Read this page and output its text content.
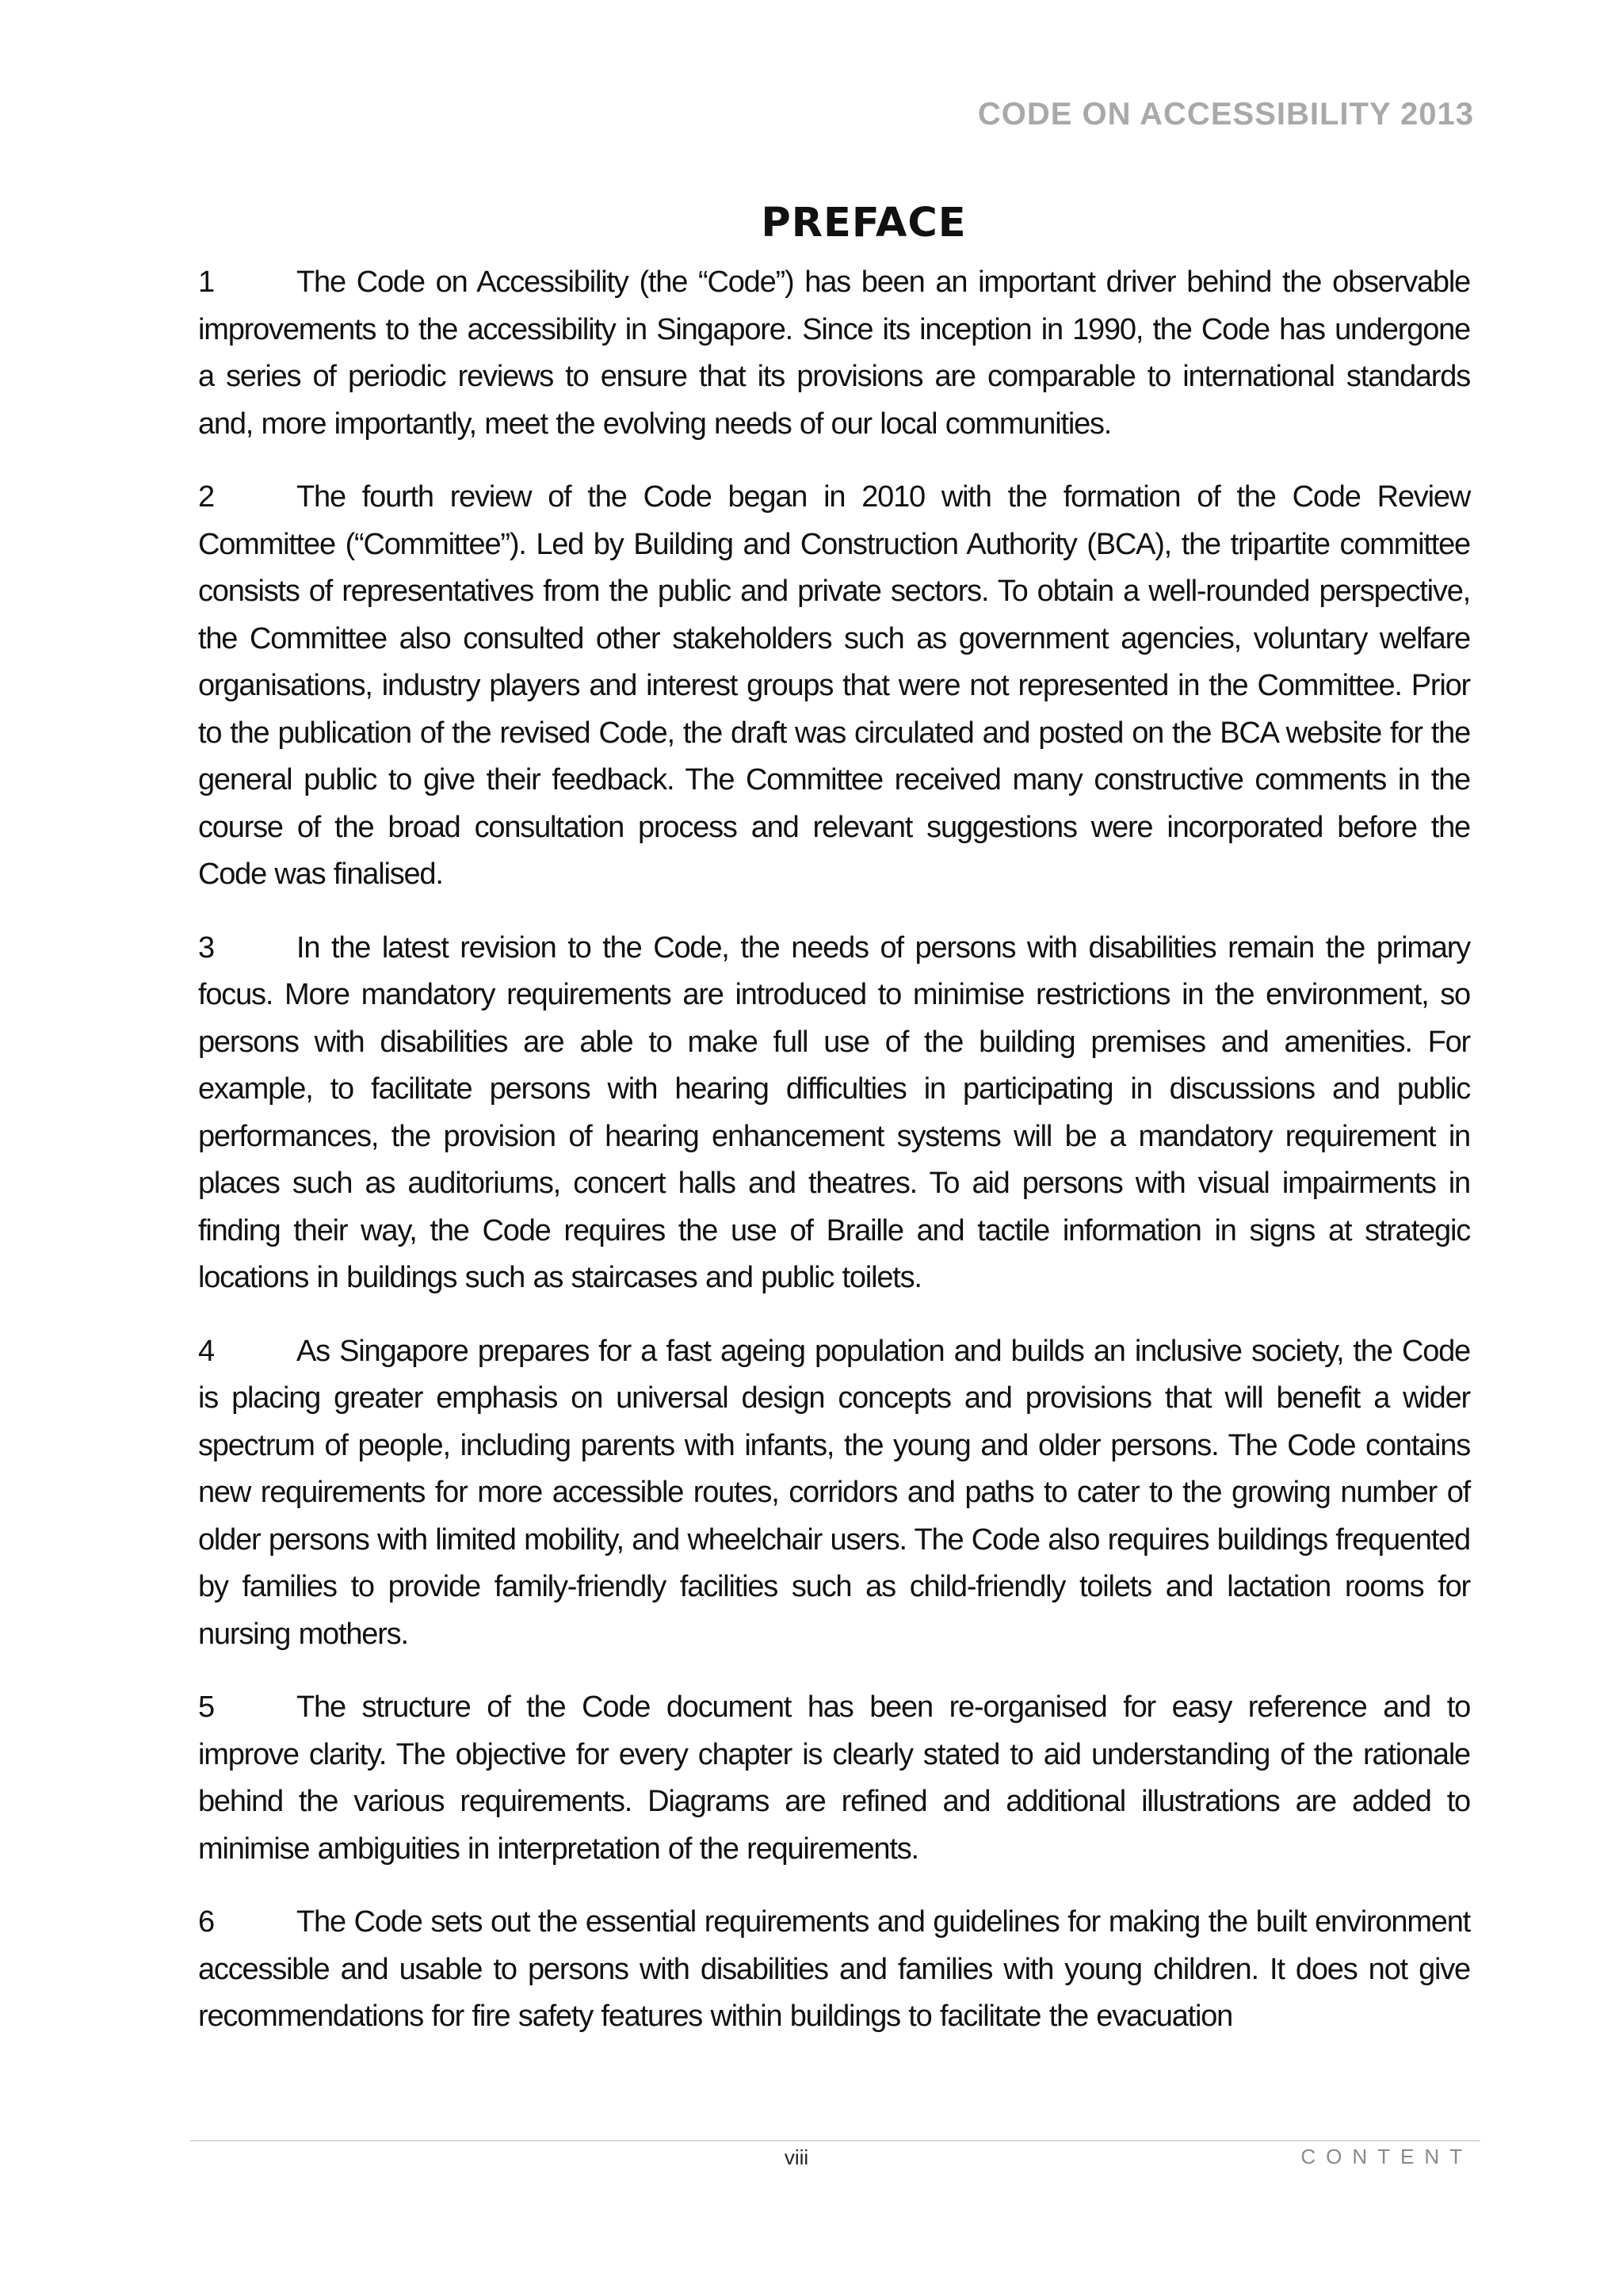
CODE ON ACCESSIBILITY 2013
PREFACE

1	The Code on Accessibility (the “Code”) has been an important driver behind the observable improvements to the accessibility in Singapore. Since its inception in 1990, the Code has undergone a series of periodic reviews to ensure that its provisions are comparable to international standards and, more importantly, meet the evolving needs of our local communities.

2	The fourth review of the Code began in 2010 with the formation of the Code Review Committee (“Committee”). Led by Building and Construction Authority (BCA), the tripartite committee consists of representatives from the public and private sectors. To obtain a well-rounded perspective, the Committee also consulted other stakeholders such as government agencies, voluntary welfare organisations, industry players and interest groups that were not represented in the Committee. Prior to the publication of the revised Code, the draft was circulated and posted on the BCA website for the general public to give their feedback. The Committee received many constructive comments in the course of the broad consultation process and relevant suggestions were incorporated before the Code was finalised.

3	In the latest revision to the Code, the needs of persons with disabilities remain the primary focus. More mandatory requirements are introduced to minimise restrictions in the environment, so persons with disabilities are able to make full use of the building premises and amenities. For example, to facilitate persons with hearing difficulties in participating in discussions and public performances, the provision of hearing enhancement systems will be a mandatory requirement in places such as auditoriums, concert halls and theatres. To aid persons with visual impairments in finding their way, the Code requires the use of Braille and tactile information in signs at strategic locations in buildings such as staircases and public toilets.

4	As Singapore prepares for a fast ageing population and builds an inclusive society, the Code is placing greater emphasis on universal design concepts and provisions that will benefit a wider spectrum of people, including parents with infants, the young and older persons. The Code contains new requirements for more accessible routes, corridors and paths to cater to the growing number of older persons with limited mobility, and wheelchair users. The Code also requires buildings frequented by families to provide family-friendly facilities such as child-friendly toilets and lactation rooms for nursing mothers.

5	The structure of the Code document has been re-organised for easy reference and to improve clarity. The objective for every chapter is clearly stated to aid understanding of the rationale behind the various requirements. Diagrams are refined and additional illustrations are added to minimise ambiguities in interpretation of the requirements.

6	The Code sets out the essential requirements and guidelines for making the built environment accessible and usable to persons with disabilities and families with young children. It does not give recommendations for fire safety features within buildings to facilitate the evacuation

viii	CONTENT
